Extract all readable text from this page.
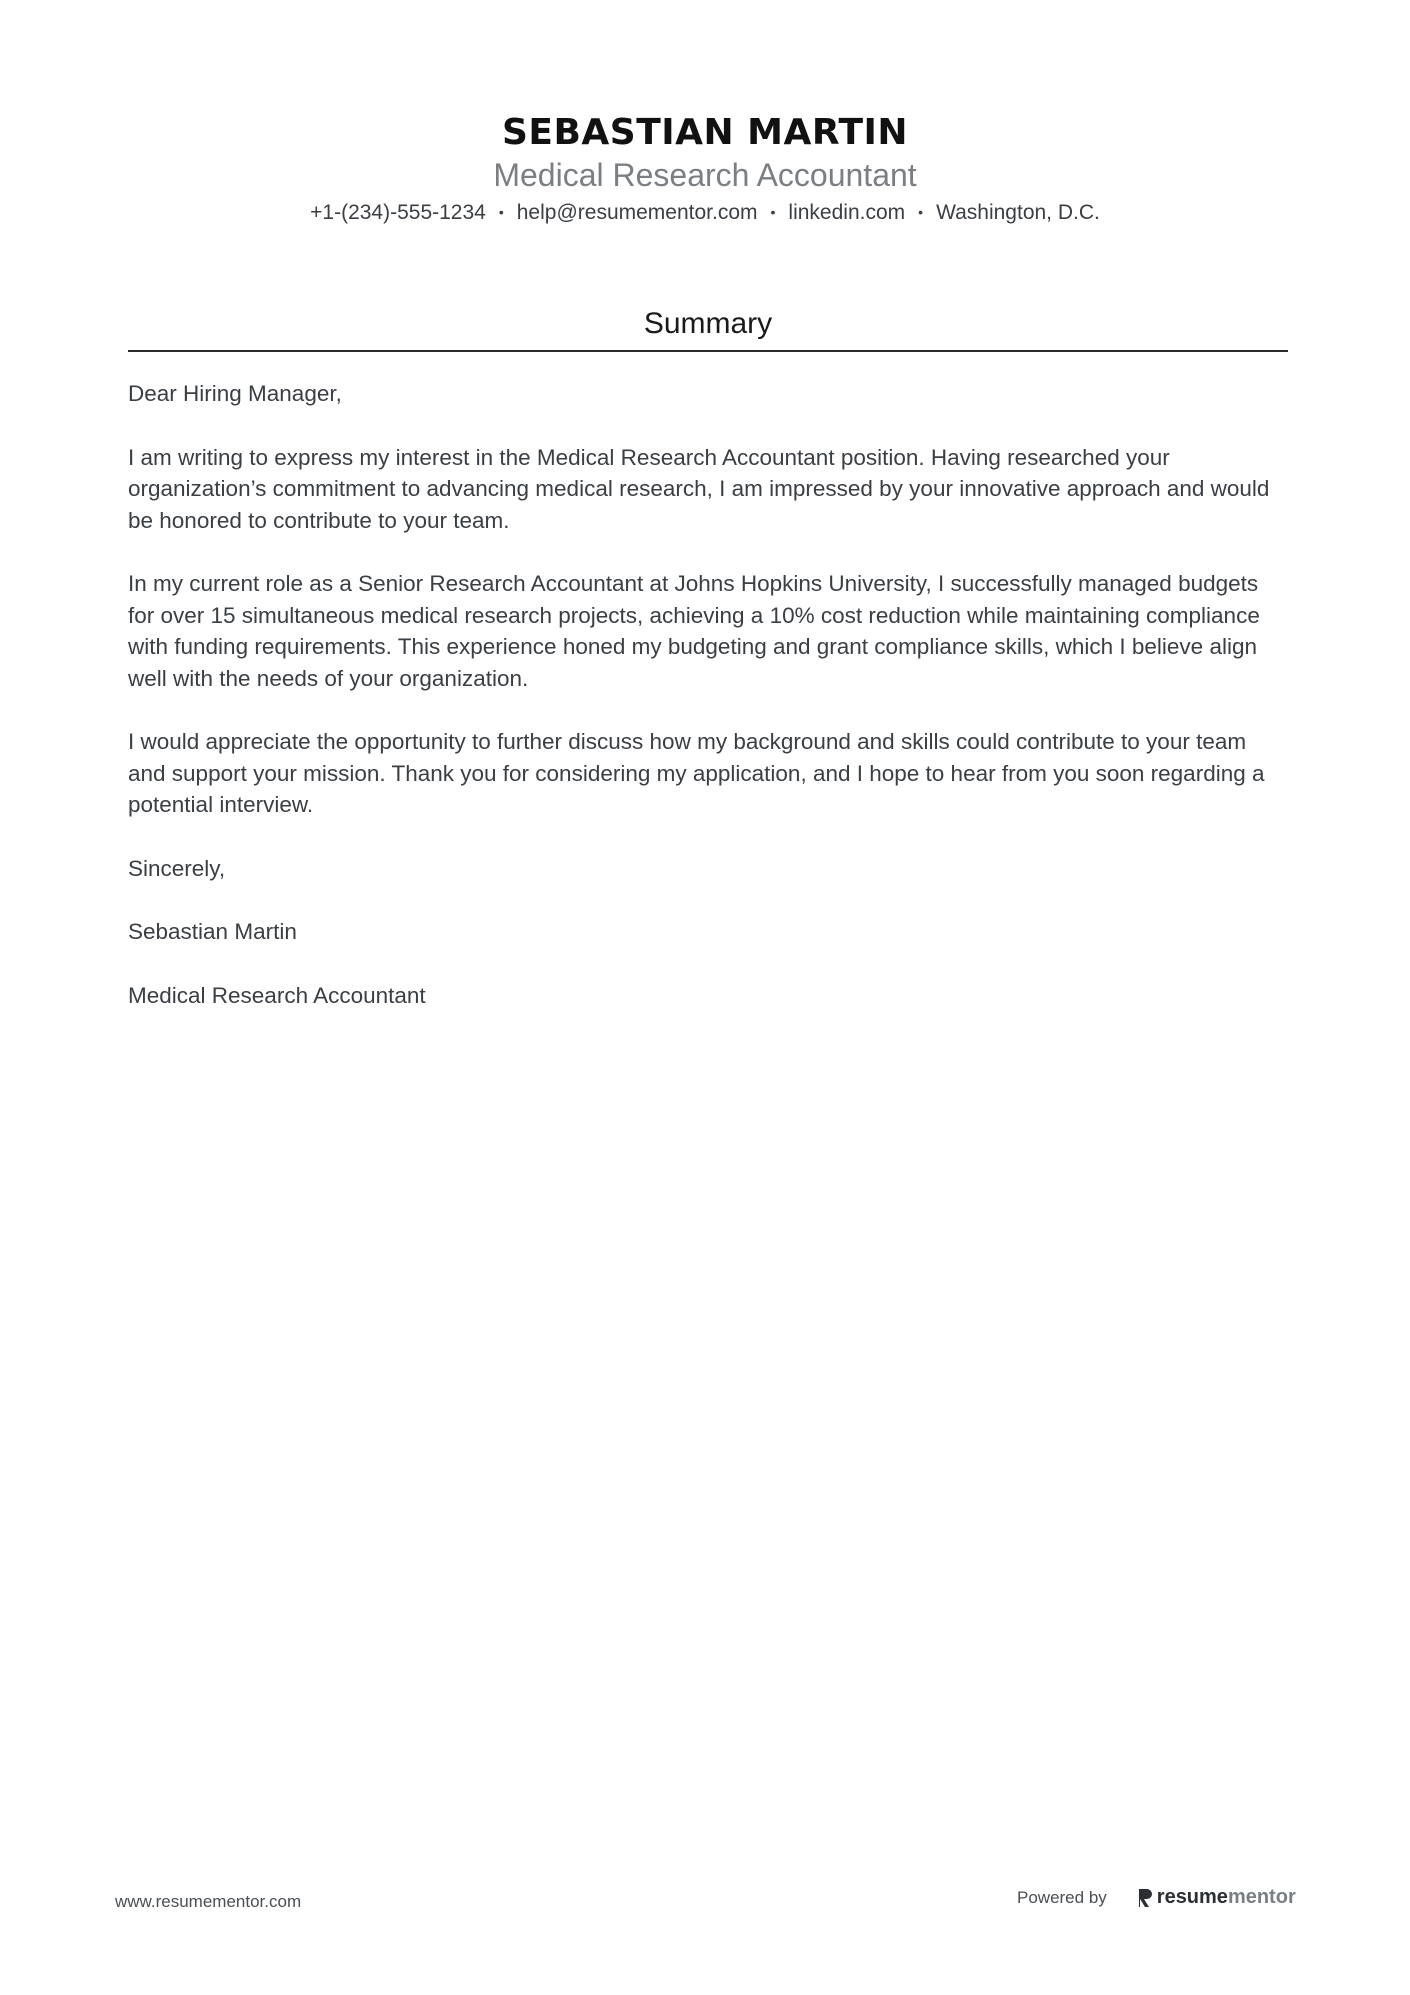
SEBASTIAN MARTIN
Medical Research Accountant
+1-(234)-555-1234 • help@resumementor.com • linkedin.com • Washington, D.C.
Summary

Dear Hiring Manager,

I am writing to express my interest in the Medical Research Accountant position. Having researched your organization’s commitment to advancing medical research, I am impressed by your innovative approach and would be honored to contribute to your team.

In my current role as a Senior Research Accountant at Johns Hopkins University, I successfully managed budgets for over 15 simultaneous medical research projects, achieving a 10% cost reduction while maintaining compliance with funding requirements. This experience honed my budgeting and grant compliance skills, which I believe align well with the needs of your organization.

I would appreciate the opportunity to further discuss how my background and skills could contribute to your team and support your mission. Thank you for considering my application, and I hope to hear from you soon regarding a potential interview.

Sincerely,

Sebastian Martin

Medical Research Accountant

www.resumementor.com	Powered by	resume mentor
